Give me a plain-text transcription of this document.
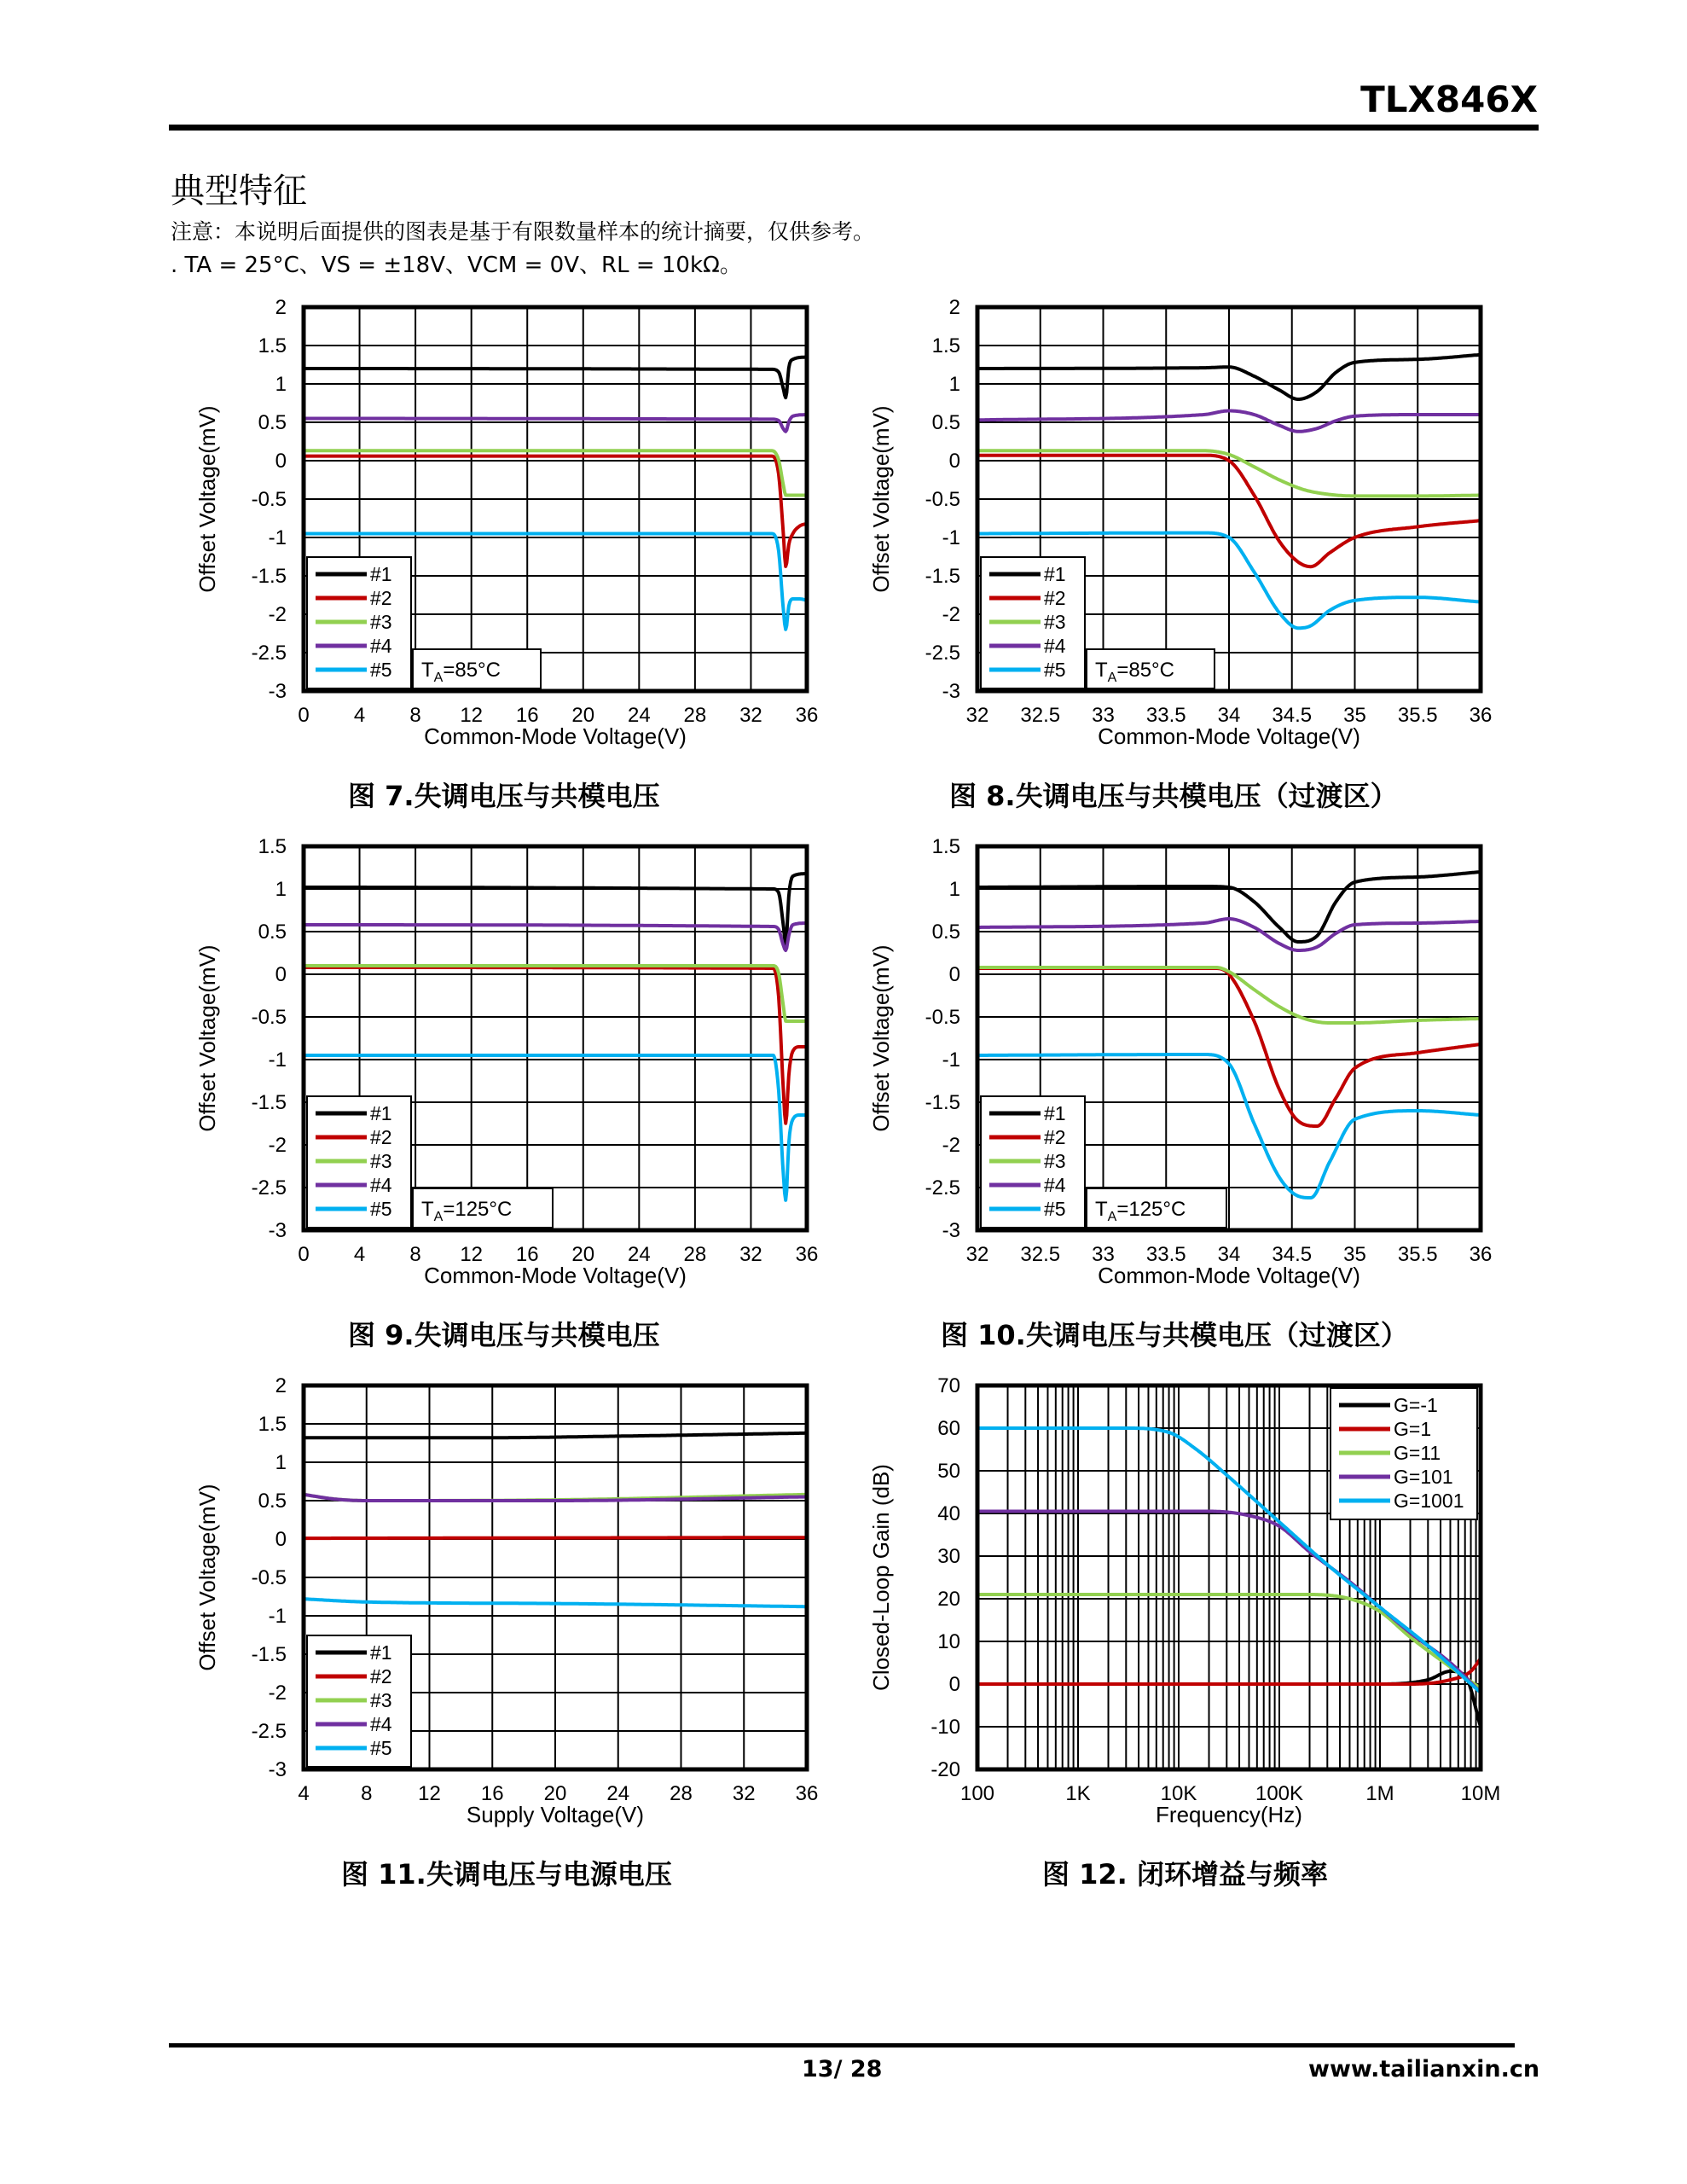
TLX846X
典型特征
注意：本说明后面提供的图表是基于有限数量样本的统计摘要，仅供参考。
. TA = 25°C、VS = ±18V、VCM = 0V、RL = 10kΩ。
0 4 8 12 16 20 24 28 32 36
2
1.5
1
0.5
0
-0.5
-1
-1.5
-2
-2.5
-3
Common-Mode Voltage(V)
Offset Voltage(mV)	#1
#2
#3
#4
#5 $T_A=85^\circ C$
32 32.5 33 33.5 34 34.5 35 35.5 36
2
1.5
1
0.5
0
-0.5
-1
-1.5
-2
-2.5
-3
Common-Mode Voltage(V)
Offset Voltage(mV)	#1
#2
#3
#4
#5 $T_A=85^\circ C$
0 4 8 12 16 20 24 28 32 36
1.5
1
0.5
0
-0.5
-1
-1.5
-2
-2.5
-3
Common-Mode Voltage(V)
Offset Voltage(mV)	#1
#2
#3
#4
#5 $T_A=125^\circ C$
32 32.5 33 33.5 34 34.5 35 35.5 36
1.5
1
0.5
0
-0.5
-1
-1.5
-2
-2.5
-3
Common-Mode Voltage(V)
Offset Voltage(mV)	#1
#2
#3
#4
#5 $T_A=125^\circ C$
4	8 12 16 20 24 28 32 36
2
1.5
1
0.5
0
-0.5
-1
-1.5
-2
-2.5
-3
Supply Voltage(V)
Offset Voltage(mV)	#1
#2
#3
#4
#5
100	1K	10K	100K	1M	10M
70
60
50
40
30
20
10
0
-10
-20
Frequency(Hz)
Closed-Loop Gain (dB)
G=-1
G=1
G=11
G=101
G=1001
图 7.失调电压与共模电压	图 8.失调电压与共模电压（过渡区）
图 9.失调电压与共模电压	图 10.失调电压与共模电压（过渡区）
图 11.失调电压与电源电压	图 12. 闭环增益与频率
13/ 28	www.tailianxin.cn
